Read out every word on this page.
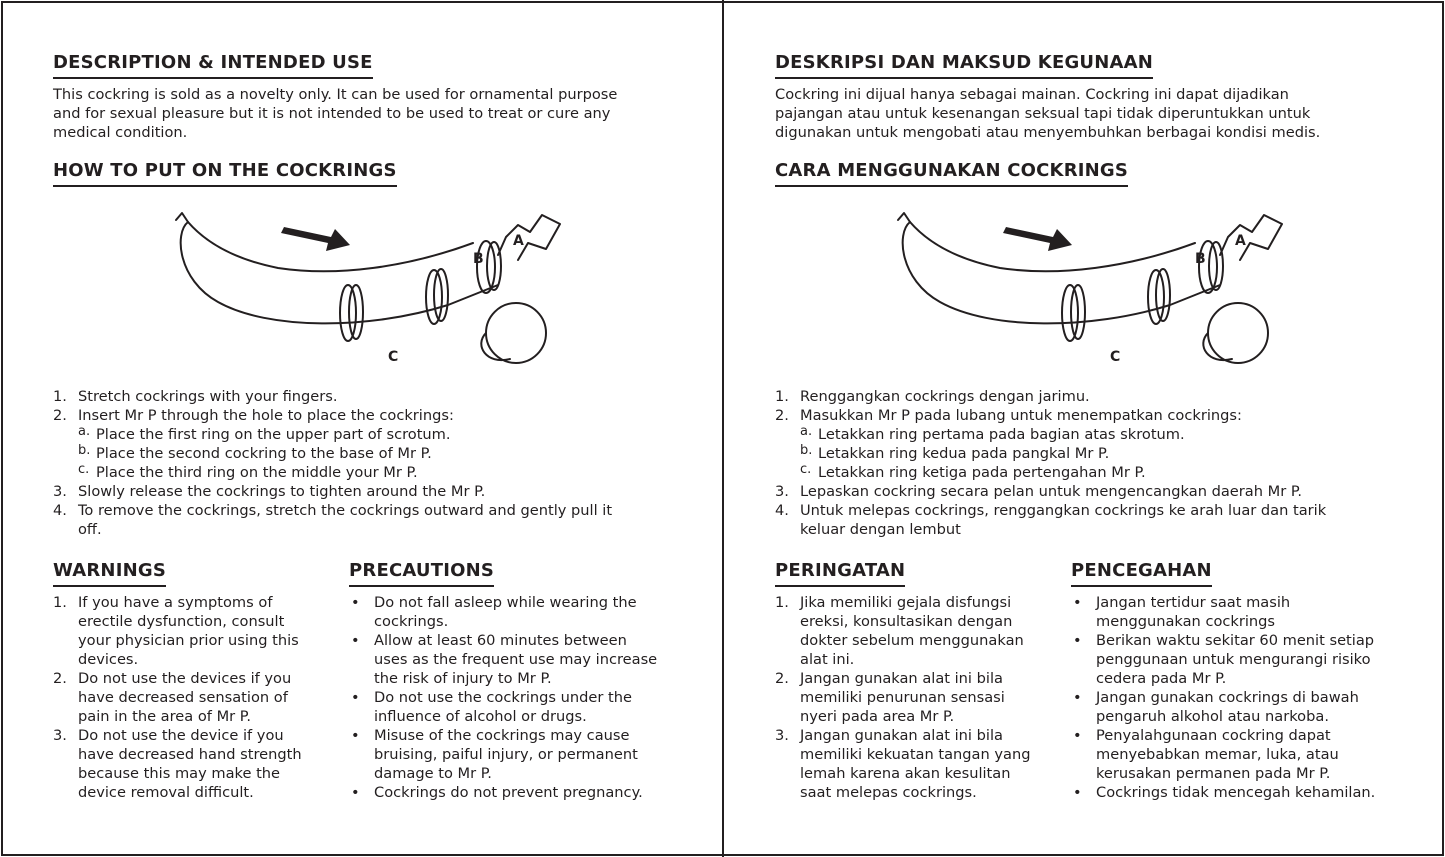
DESCRIPTION & INTENDED USE
This cockring is sold as a novelty only. It can be used for ornamental purpose
and for sexual pleasure but it is not intended to be used to treat or cure any
medical condition.
HOW TO PUT ON THE COCKRINGS
A
B
C
1. Stretch cockrings with your fingers.
2. Insert Mr P through the hole to place the cockrings:
a. Place the first ring on the upper part of scrotum.
b. Place the second cockring to the base of Mr P.
c. Place the third ring on the middle your Mr P.
3. Slowly release the cockrings to tighten around the Mr P.
4. To remove the cockrings, stretch the cockrings outward and gently pull it
off.
WARNINGS
1. If you have a symptoms of
erectile dysfunction, consult
your physician prior using this
devices.
2. Do not use the devices if you
have decreased sensation of
pain in the area of Mr P.
3. Do not use the device if you
have decreased hand strength
because this may make the
device removal difficult.
PRECAUTIONS
• Do not fall asleep while wearing the
cockrings.
• Allow at least 60 minutes between
uses as the frequent use may increase
the risk of injury to Mr P.
• Do not use the cockrings under the
influence of alcohol or drugs.
• Misuse of the cockrings may cause
bruising, paiful injury, or permanent
damage to Mr P.
• Cockrings do not prevent pregnancy.
DESKRIPSI DAN MAKSUD KEGUNAAN
Cockring ini dijual hanya sebagai mainan. Cockring ini dapat dijadikan
pajangan atau untuk kesenangan seksual tapi tidak diperuntukkan untuk
digunakan untuk mengobati atau menyembuhkan berbagai kondisi medis.
CARA MENGGUNAKAN COCKRINGS
A
B
C
1. Renggangkan cockrings dengan jarimu.
2. Masukkan Mr P pada lubang untuk menempatkan cockrings:
a. Letakkan ring pertama pada bagian atas skrotum.
b. Letakkan ring kedua pada pangkal Mr P.
c. Letakkan ring ketiga pada pertengahan Mr P.
3. Lepaskan cockring secara pelan untuk mengencangkan daerah Mr P.
4. Untuk melepas cockrings, renggangkan cockrings ke arah luar dan tarik
keluar dengan lembut
PERINGATAN
1. Jika memiliki gejala disfungsi
ereksi, konsultasikan dengan
dokter sebelum menggunakan
alat ini.
2. Jangan gunakan alat ini bila
memiliki penurunan sensasi
nyeri pada area Mr P.
3. Jangan gunakan alat ini bila
memiliki kekuatan tangan yang
lemah karena akan kesulitan
saat melepas cockrings.
PENCEGAHAN
• Jangan tertidur saat masih
menggunakan cockrings
• Berikan waktu sekitar 60 menit setiap
penggunaan untuk mengurangi risiko
cedera pada Mr P.
• Jangan gunakan cockrings di bawah
pengaruh alkohol atau narkoba.
• Penyalahgunaan cockring dapat
menyebabkan memar, luka, atau
kerusakan permanen pada Mr P.
• Cockrings tidak mencegah kehamilan.
